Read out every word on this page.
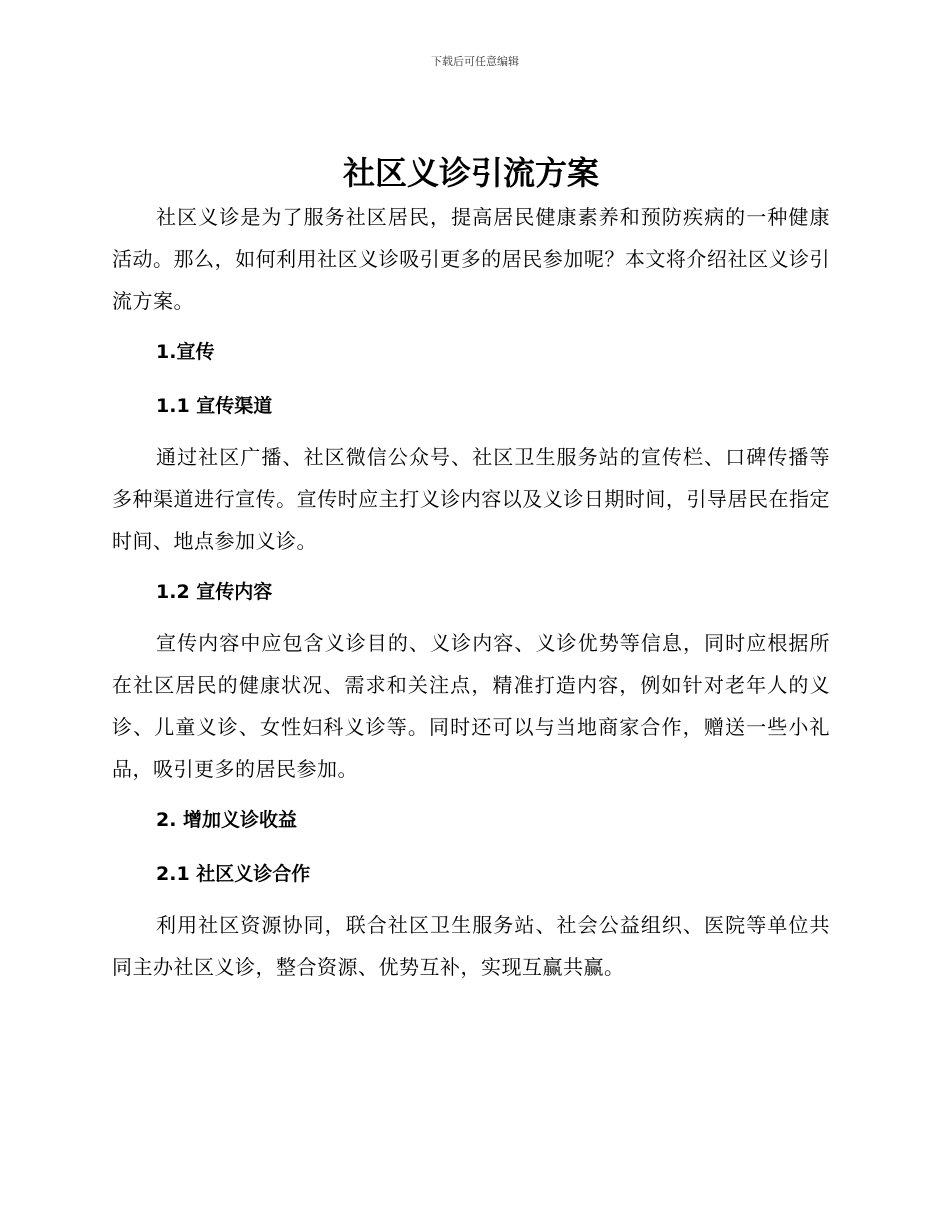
下载后可任意编辑
社区义诊引流方案

社区义诊是为了服务社区居民，提高居民健康素养和预防疾病的一种健康活动。那么，如何利用社区义诊吸引更多的居民参加呢？本文将介绍社区义诊引流方案。

1.宣传
1.1 宣传渠道

通过社区广播、社区微信公众号、社区卫生服务站的宣传栏、口碑传播等多种渠道进行宣传。宣传时应主打义诊内容以及义诊日期时间，引导居民在指定时间、地点参加义诊。

1.2 宣传内容

宣传内容中应包含义诊目的、义诊内容、义诊优势等信息，同时应根据所在社区居民的健康状况、需求和关注点，精准打造内容，例如针对老年人的义诊、儿童义诊、女性妇科义诊等。同时还可以与当地商家合作，赠送一些小礼品，吸引更多的居民参加。

2. 增加义诊收益
2.1 社区义诊合作

利用社区资源协同，联合社区卫生服务站、社会公益组织、医院等单位共同主办社区义诊，整合资源、优势互补，实现互赢共赢。
